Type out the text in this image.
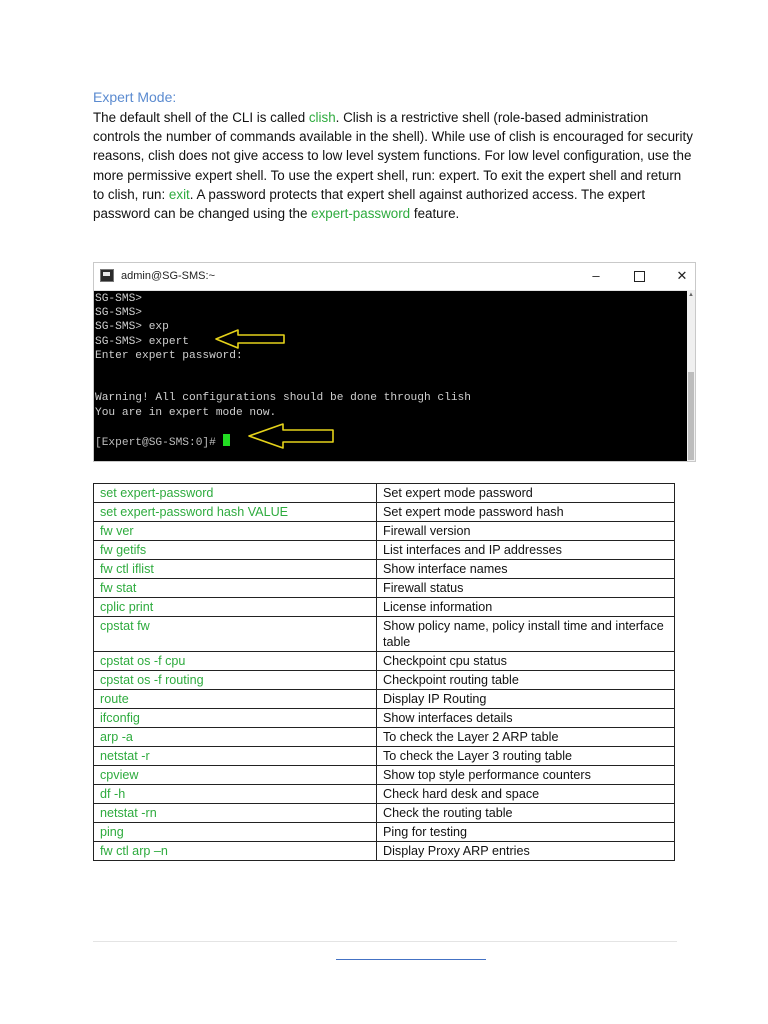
Expert Mode:
The default shell of the CLI is called clish. Clish is a restrictive shell (role-based administration controls the number of commands available in the shell). While use of clish is encouraged for security reasons, clish does not give access to low level system functions. For low level configuration, use the more permissive expert shell. To use the expert shell, run: expert. To exit the expert shell and return to clish, run: exit. A password protects that expert shell against authorized access. The expert password can be changed using the expert-password feature.
admin@SG-SMS:~	–	✕
SG-SMS>
SG-SMS>
SG-SMS> exp
SG-SMS> expert
Enter expert password:
Warning! All configurations should be done through clish
You are in expert mode now.
[Expert@SG-SMS:0]#
▲
set expert-password	Set expert mode password
set expert-password hash VALUE	Set expert mode password hash
fw ver	Firewall version
fw getifs	List interfaces and IP addresses
fw ctl iflist	Show interface names
fw stat	Firewall status
cplic print	License information
cpstat fw	Show policy name, policy install time and interface table
cpstat os -f cpu	Checkpoint cpu status
cpstat os -f routing	Checkpoint routing table
route	Display IP Routing
ifconfig	Show interfaces details
arp -a	To check the Layer 2 ARP table
netstat -r	To check the Layer 3 routing table
cpview	Show top style performance counters
df -h	Check hard desk and space
netstat -rn	Check the routing table
ping	Ping for testing
fw ctl arp –n	Display Proxy ARP entries
